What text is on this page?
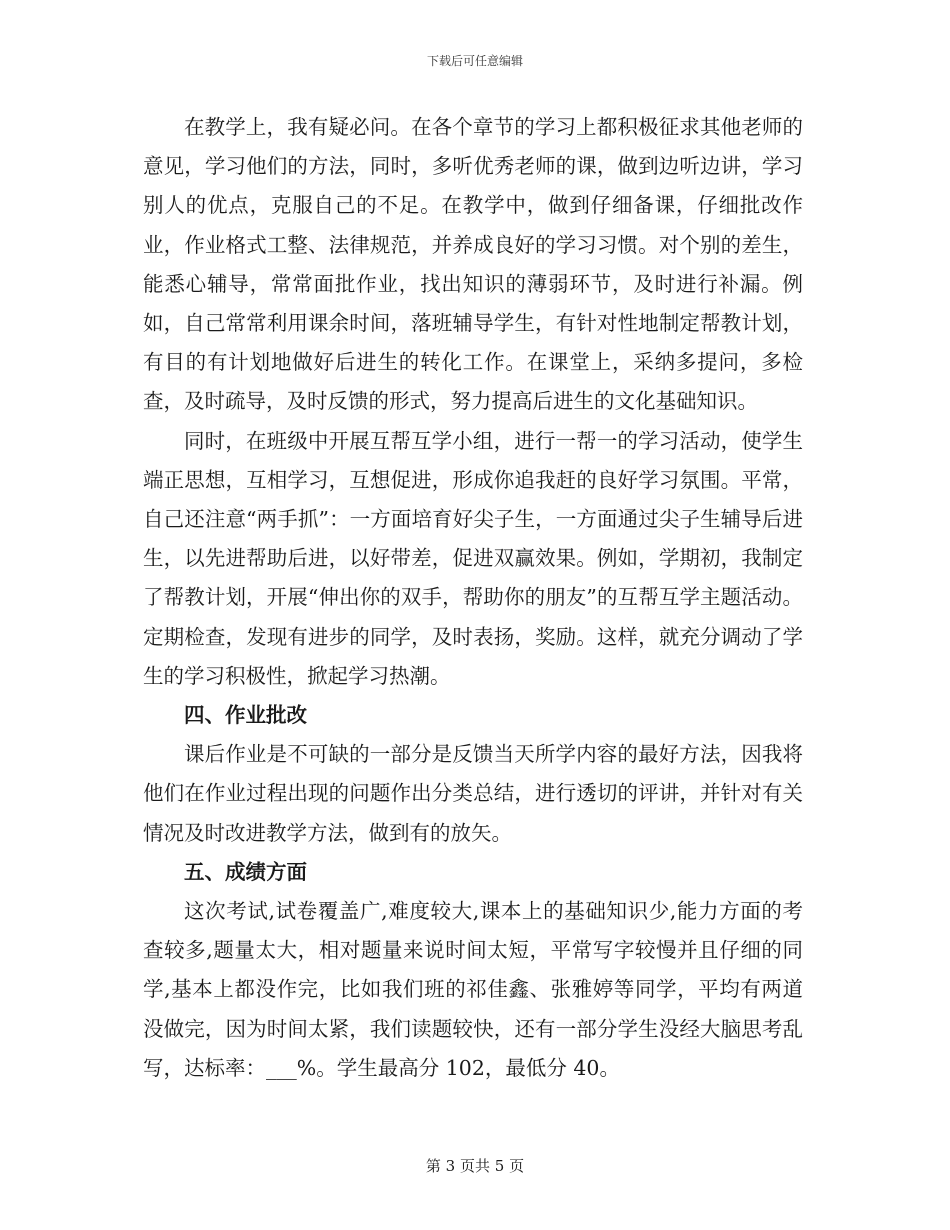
下载后可任意编辑

在教学上，我有疑必问。在各个章节的学习上都积极征求其他老师的意见，学习他们的方法，同时，多听优秀老师的课，做到边听边讲，学习别人的优点，克服自己的不足。在教学中，做到仔细备课，仔细批改作业，作业格式工整、法律规范，并养成良好的学习习惯。对个别的差生，能悉心辅导，常常面批作业，找出知识的薄弱环节，及时进行补漏。例如，自己常常利用课余时间，落班辅导学生，有针对性地制定帮教计划，有目的有计划地做好后进生的转化工作。在课堂上，采纳多提问，多检查，及时疏导，及时反馈的形式，努力提高后进生的文化基础知识。

同时，在班级中开展互帮互学小组，进行一帮一的学习活动，使学生端正思想，互相学习，互想促进，形成你追我赶的良好学习氛围。平常，自己还注意“两手抓”：一方面培育好尖子生，一方面通过尖子生辅导后进生，以先进帮助后进，以好带差，促进双赢效果。例如，学期初，我制定了帮教计划，开展“伸出你的双手，帮助你的朋友”的互帮互学主题活动。定期检查，发现有进步的同学，及时表扬，奖励。这样，就充分调动了学生的学习积极性，掀起学习热潮。

四、作业批改

课后作业是不可缺的一部分是反馈当天所学内容的最好方法，因我将他们在作业过程出现的问题作出分类总结，进行透切的评讲，并针对有关情况及时改进教学方法，做到有的放矢。

五、成绩方面

这次考试,试卷覆盖广,难度较大,课本上的基础知识少,能力方面的考查较多,题量太大，相对题量来说时间太短，平常写字较慢并且仔细的同学,基本上都没作完，比如我们班的祁佳鑫、张雅婷等同学，平均有两道没做完，因为时间太紧，我们读题较快，还有一部分学生没经大脑思考乱写，达标率：___%。学生最高分 102，最低分 40。

第 3 页共 5 页
